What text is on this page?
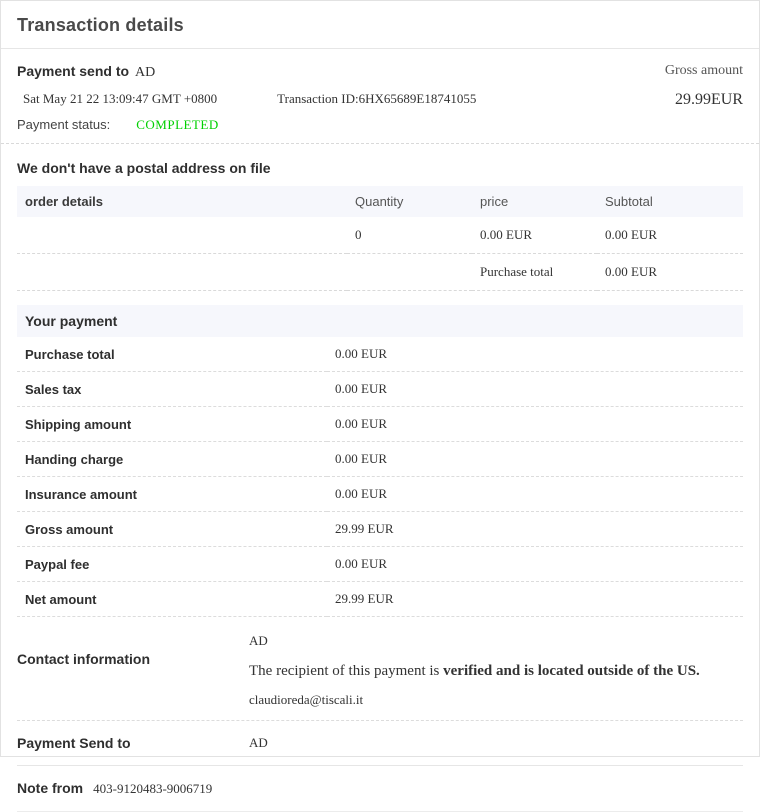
Transaction details
Payment send to AD	Gross amount
29.99EUR
Sat May 21 22 13:09:47 GMT +0800	Transaction ID:6HX65689E18741055
Payment status: COMPLETED
We don't have a postal address on file
order details	Quantity	price	Subtotal
	0	0.00 EUR	0.00 EUR
		Purchase total	0.00 EUR
Your payment
Purchase total	0.00 EUR
Sales tax	0.00 EUR
Shipping amount	0.00 EUR
Handing charge	0.00 EUR
Insurance amount	0.00 EUR
Gross amount	29.99 EUR
Paypal fee	0.00 EUR
Net amount	29.99 EUR
Contact information
AD
The recipient of this payment is verified and is located outside of the US.
claudioreda@tiscali.it
Payment Send to	AD
Note from 403-9120483-9006719
